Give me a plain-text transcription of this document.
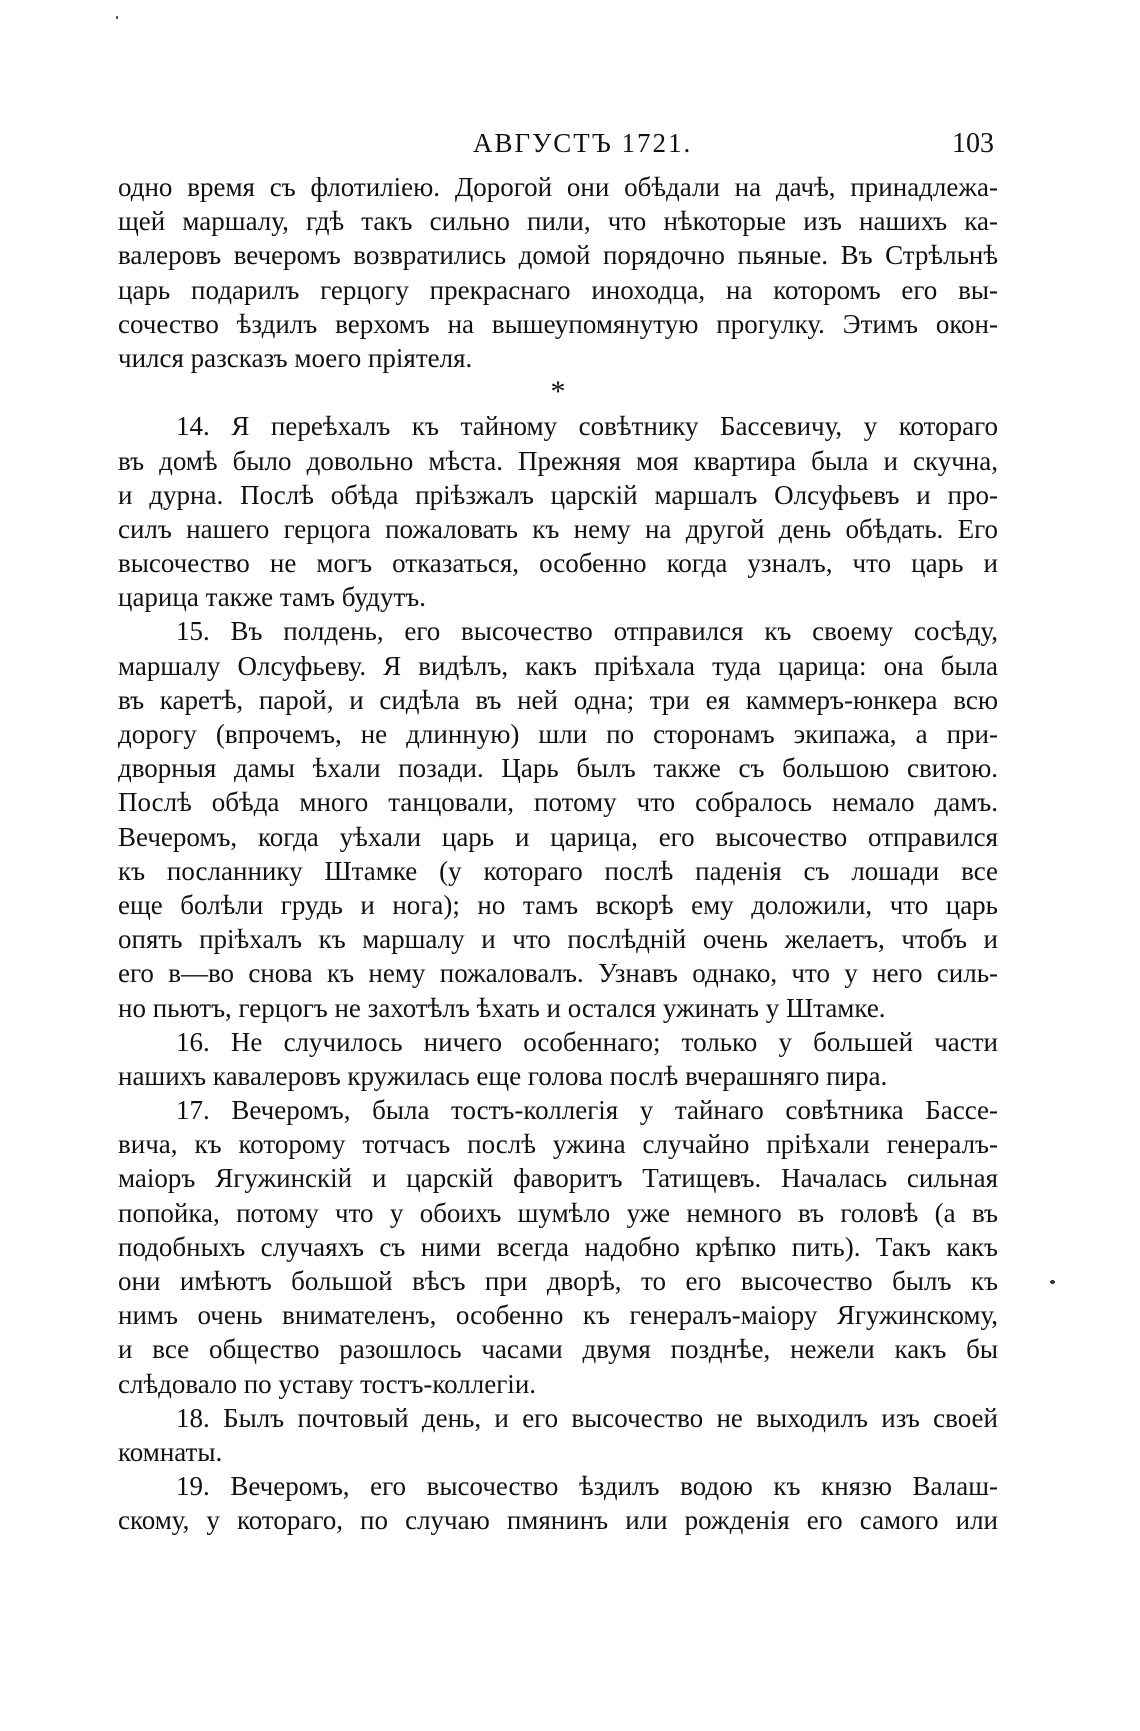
АВГУСТЪ 1721.	103
одно время съ флотиліею. Дорогой они обѣдали на дачѣ, принадлежа-
щей маршалу, гдѣ такъ сильно пили, что нѣкоторые изъ нашихъ ка-
валеровъ вечеромъ возвратились домой порядочно пьяные. Въ Стрѣльнѣ
царь подарилъ герцогу прекраснаго иноходца, на которомъ его вы-
сочество ѣздилъ верхомъ на вышеупомянутую прогулку. Этимъ окон-
чился разсказъ моего пріятеля.
*
14. Я переѣхалъ къ тайному совѣтнику Бассевичу, у котораго
въ домѣ было довольно мѣста. Прежняя моя квартира была и скучна,
и дурна. Послѣ обѣда пріѣзжалъ царскій маршалъ Олсуфьевъ и про-
силъ нашего герцога пожаловать къ нему на другой день обѣдать. Его
высочество не могъ отказаться, особенно когда узналъ, что царь и
царица также тамъ будутъ.
15. Въ полдень, его высочество отправился къ своему сосѣду,
маршалу Олсуфьеву. Я видѣлъ, какъ пріѣхала туда царица: она была
въ каретѣ, парой, и сидѣла въ ней одна; три ея каммеръ-юнкера всю
дорогу (впрочемъ, не длинную) шли по сторонамъ экипажа, а при-
дворныя дамы ѣхали позади. Царь былъ также съ большою свитою.
Послѣ обѣда много танцовали, потому что собралось немало дамъ.
Вечеромъ, когда уѣхали царь и царица, его высочество отправился
къ посланнику Штамке (у котораго послѣ паденія съ лошади все
еще болѣли грудь и нога); но тамъ вскорѣ ему доложили, что царь
опять пріѣхалъ къ маршалу и что послѣдній очень желаетъ, чтобъ и
его в—во снова къ нему пожаловалъ. Узнавъ однако, что у него силь-
но пьютъ, герцогъ не захотѣлъ ѣхать и остался ужинать у Штамке.
16. Не случилось ничего особеннаго; только у большей части
нашихъ кавалеровъ кружилась еще голова послѣ вчерашняго пира.
17. Вечеромъ, была тостъ-коллегія у тайнаго совѣтника Бассе-
вича, къ которому тотчасъ послѣ ужина случайно пріѣхали генералъ-
маіоръ Ягужинскій и царскій фаворитъ Татищевъ. Началась сильная
попойка, потому что у обоихъ шумѣло уже немного въ головѣ (а въ
подобныхъ случаяхъ съ ними всегда надобно крѣпко пить). Такъ какъ
они имѣютъ большой вѣсъ при дворѣ, то его высочество былъ къ
нимъ очень внимателенъ, особенно къ генералъ-маіору Ягужинскому,
и все общество разошлось часами двумя позднѣе, нежели какъ бы
слѣдовало по уставу тостъ-коллегіи.
18. Былъ почтовый день, и его высочество не выходилъ изъ своей
комнаты.
19. Вечеромъ, его высочество ѣздилъ водою къ князю Валаш-
скому, у котораго, по случаю пмянинъ или рожденія его самого или
